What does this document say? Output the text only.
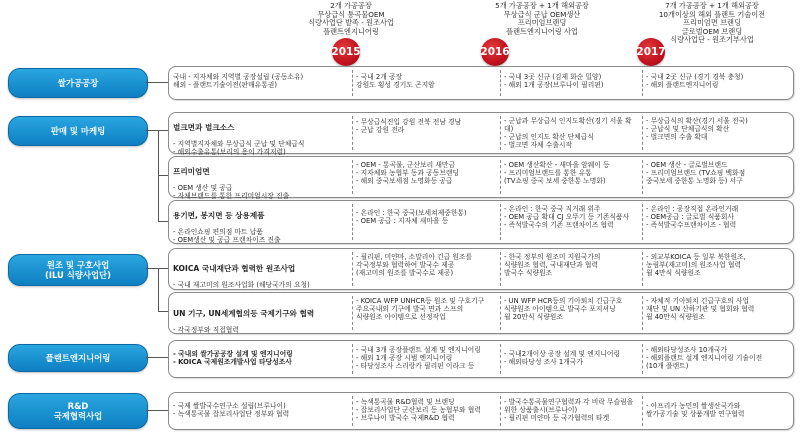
2개 가공공장
무상급식 통곡물OEM
식량사업단 발족 - 원조사업
플랜트엔지니어링
5개 가공공장 + 1개 해외공장
무상급식 군납 OEM생산
프리미엄브랜딩
플랜트엔지니어링 사업
7개 가공공장 + 1개 해외공장
10개이상의 해외 플랜트 기술이전
프리미엄면 브랜딩
글로벌OEM 브랜딩
식량사업단 - 원조기부사업
2015	2016	2017
쌀가공공장
판매 및 마케팅
원조 및 구호사업
(ILU 식량사업단)
플랜트엔지니어링
R&D
국제협력사업
국내 - 지자체와 지역별 공장설립 (공동소유)
해외 - 플랜트기술이전(판매유통권)
- 국내 2개 공장
강원도 횡성 경기도 곤지암
- 국내 3곳 신규 (김제 화순 밀양)
- 해외 1개 공장(브루나이 필리핀)
- 국내 2곳 신규 (경기 경북 충청)
- 해외 플랜트엔지니어링

벌크면과 벌크소스

- 지역별지자체와 무상급식 군납 및 단체급식
- 해외수출유통(보리의 용이 가격저렴)

- 무상급식진입 강원 전북 전남 경남
- 군납 강원 전라
- 군납과 무상급식 인지도확산(경기 서울 확대)
- 군납의 인지도 확산 단체급식
- 벌크면 자체 수출시작
- 무상급식의 확산(경기 서울 전국)
- 군납식 및 단체급식의 확산
- 벌크면의 수출 확대

프리미엄면

- OEM 생산 및 공급
- 자체브랜드를 통한 프리미엄시장 진출

- OEM - 통곡물, 군산보리 새만금
- 지자체와 농협부 동과 공동브랜딩
- 해외 중국보세점 노명화등 공급
- OEM 생산확산 - 새마을 암웨이 등
- 프리미엄브랜드를 통한 유통
(TV쇼핑 중국 보세 중한통 노명화)
- OEM 생산 - 글로벌브랜드
- 프리미엄브랜드 (TV쇼핑 백화점
중국보세 중한통 노명화 등) 서구

용기면, 봉지면 등 상용제품

- 온라인쇼핑 편의점 마트 납품
- OEM생산 및 공급 프랜차이즈 진출

- 온라인 : 한국 중국(보세쳐제중한통)
- OEM 공급 : 지자체 새마을 등
- 온라인 : 한국 중국 직거래 위주
- OEM 공급 확대 CJ 오뚜기 등 기존식품사
- 즉석발국수의 기존 프랜차이즈 협력
- 온라인 : 공장직접 온라인거래
- OEM공급 : 글로벌 식품회사
- 즉석발국수프랜차이즈 - 협력

KOICA 국내재단과 협력한 원조사업

- 국내 재고미의 원조사업화 (해당국가의 요청)

- 필리핀, 미얀마, 소말리아 긴급 원조를
각국정부와 협력하여 발국수 제공
(재고미의 원조를 발국수로 제공)
- 한국 정부의 원조미 지원국가의
식량원조 협력, 국내재단과 협력
발국수 식량원조
- 외교부KOICA 등 일부 북한원조,
농림부(재고미)의 원조사업 협력
월 4만식 식량원조

UN 기구, UN세계협의등 국제기구와 협력

- 각국정부와 직접협력

- KOICA WFP UNHCR등 원조 및 구호기구
주요국내외 기구에 발국 면과 스프의
식량원조 아이템으로 선정작업
- UN WFP HCR등의 기아퇴치 긴급구호
식량원조 아이템으로 발국수 포지셔닝
월 20만식 식량원조
- 자체적 기아퇴치 긴급구호의 사업
재단 및 UN 산하기관 및 협회와 협력
월 40만식 식량원조
- 국내외 쌀가공공장 설계 및 엔지니어링
- KOICA 국제원조개발사업 타당성조사
- 국내 3개 공장플랜트 설계 및 엔지니어링
- 해외 1개 공장 시범 엔지니어링
- 타당성조사 스리랑카 필리핀 이라크 등
- 국내2개이상 공장 설계 및 엔지니어링
- 해외타당성 조사 1개국가
- 해외타당성조사 10개국가
- 해외플랜트 설계 엔지니어링 기술이전
(10개 플랜트)
- 국제 쌀발국수연구소 설립(브루나이)
- 녹색통곡물 잡보리사업단 정부와 협력
- 녹색통곡물 R&D협력 및 브랜딩
- 잡보리사업단 군산보리 등 농협부와 협력
- 브루나이 발국수 국제R&D 협력
- 발국수통곡물연구협력과 각 비락 무슬림을
위한 상품출시(브루나이)
- 필리핀 미얀마 등 국가협력의 타겟
- 아프리카 농민의 쌀생산국가와
쌀가공기술 및 상품개발 연구협력
